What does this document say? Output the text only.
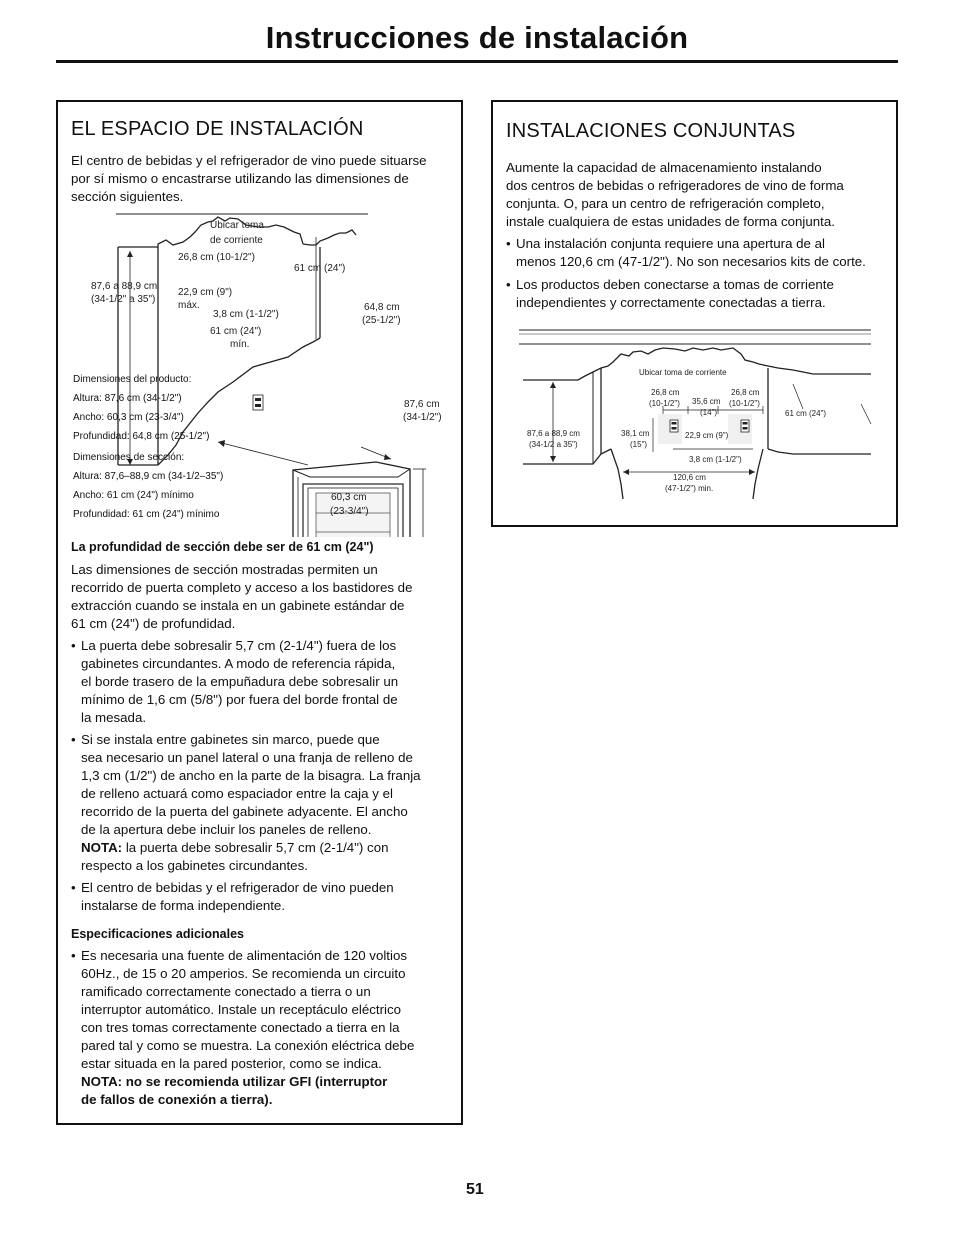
Instrucciones de instalación
EL ESPACIO DE INSTALACIÓN

El centro de bebidas y el refrigerador de vino puede situarse
por sí mismo o encastrarse utilizando las dimensiones de
sección siguientes.

Ubicar toma
de corriente
26,8 cm (10-1/2")
61 cm (24")
87,6 a 88,9 cm
(34-1/2" a 35")
22,9 cm (9")
máx.
3,8 cm (1-1/2")
61 cm (24")
mín.
64,8 cm
(25-1/2")
87,6 cm
(34-1/2")
60,3 cm
(23-3/4")

Dimensiones del producto:
Altura: 87,6 cm (34-1/2")
Ancho: 60,3 cm (23-3/4")
Profundidad: 64,8 cm (25-1/2")

Dimensiones de sección:
Altura: 87,6–88,9 cm (34-1/2–35")
Ancho: 61 cm (24") mínimo
Profundidad: 61 cm (24") mínimo

La profundidad de sección debe ser de 61 cm (24")

Las dimensiones de sección mostradas permiten un
recorrido de puerta completo y acceso a los bastidores de
extracción cuando se instala en un gabinete estándar de
61 cm (24") de profundidad.

• La puerta debe sobresalir 5,7 cm (2-1/4") fuera de los
gabinetes circundantes. A modo de referencia rápida,
el borde trasero de la empuñadura debe sobresalir un
mínimo de 1,6 cm (5/8") por fuera del borde frontal de
la mesada.

• Si se instala entre gabinetes sin marco, puede que
sea necesario un panel lateral o una franja de relleno de
1,3 cm (1/2") de ancho en la parte de la bisagra. La franja
de relleno actuará como espaciador entre la caja y el
recorrido de la puerta del gabinete adyacente. El ancho
de la apertura debe incluir los paneles de relleno.
NOTA: la puerta debe sobresalir 5,7 cm (2-1/4") con
respecto a los gabinetes circundantes.

• El centro de bebidas y el refrigerador de vino pueden
instalarse de forma independiente.

Especificaciones adicionales

• Es necesaria una fuente de alimentación de 120 voltios
60Hz., de 15 o 20 amperios. Se recomienda un circuito
ramificado correctamente conectado a tierra o un
interruptor automático. Instale un receptáculo eléctrico
con tres tomas correctamente conectado a tierra en la
pared tal y como se muestra. La conexión eléctrica debe
estar situada en la pared posterior, como se indica.
NOTA: no se recomienda utilizar GFI (interruptor
de fallos de conexión a tierra).

INSTALACIONES CONJUNTAS

Aumente la capacidad de almacenamiento instalando
dos centros de bebidas o refrigeradores de vino de forma
conjunta. O, para un centro de refrigeración completo,
instale cualquiera de estas unidades de forma conjunta.

• Una instalación conjunta requiere una apertura de al
menos 120,6 cm (47-1/2"). No son necesarios kits de corte.

• Los productos deben conectarse a tomas de corriente
independientes y correctamente conectadas a tierra.

Ubicar toma de corriente
26,8 cm
(10-1/2") 35,6 cm
(14")
26,8 cm
(10-1/2")
61 cm (24")
87,6 a 88,9 cm
(34-1/2 a 35")
38,1 cm
(15")
22,9 cm (9")
3,8 cm (1-1/2")
120,6 cm
(47-1/2") min.
51
